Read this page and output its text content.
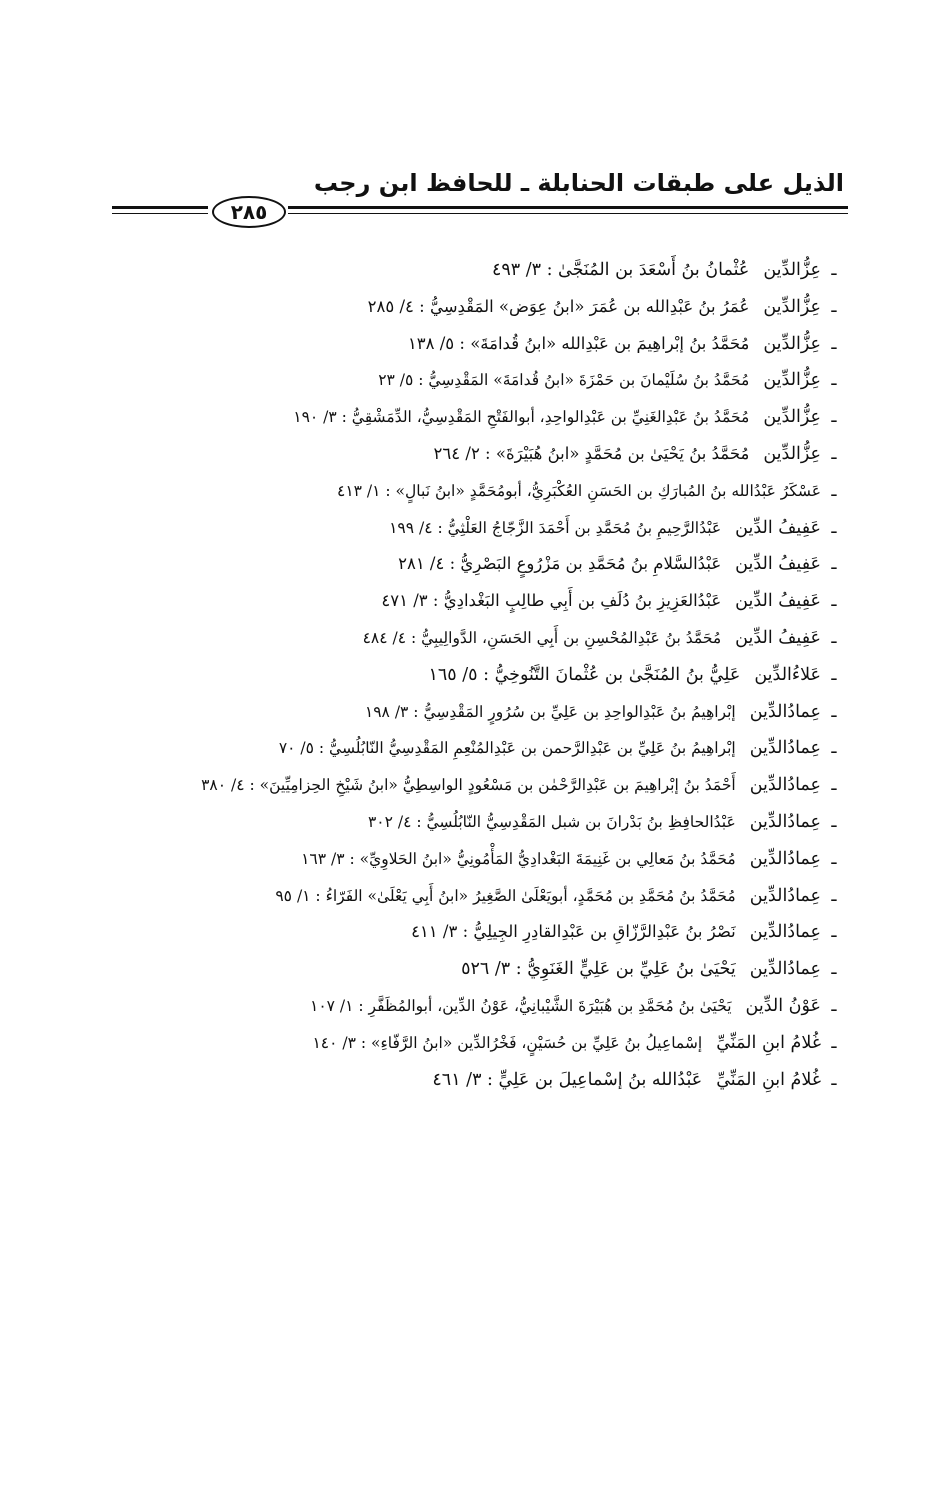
الذيل على طبقات الحنابلة ـ للحافظ ابن رجب
٢٨٥
ـ
عِزُّالدِّين
عُثْمانُ بنُ أَسْعَدَ بن المُنَجَّىٰ : ٣/ ٤٩٣
ـ
عِزُّالدِّين
عُمَرُ بنُ عَبْدِالله بن عُمَرَ «ابنُ عِوَض» المَقْدِسِيُّ : ٤/ ٢٨٥
ـ
عِزُّالدِّين
مُحَمَّدُ بنُ إبْراهِيمَ بن عَبْدِالله «ابنُ قُدامَةَ» : ٥/ ١٣٨
ـ
عِزُّالدِّين
مُحَمَّدُ بنُ سُلَيْمانَ بن حَمْزَةَ «ابنُ قُدامَةَ» المَقْدِسِيُّ : ٥/ ٢٣
ـ
عِزُّالدِّين
مُحَمَّدُ بنُ عَبْدِالغَنِيِّ بن عَبْدِالواحِدِ، أبوالفَتْحِ المَقْدِسِيُّ، الدِّمَشْقِيُّ : ٣/ ١٩٠
ـ
عِزُّالدِّين
مُحَمَّدُ بنُ يَحْيَىٰ بن مُحَمَّدٍ «ابنُ هُبَيْرَةَ» : ٢/ ٢٦٤
ـ
عَسْكَرُ عَبْدُالله بنُ المُبارَكِ بن الحَسَنِ العُكْبَرِيُّ، أبومُحَمَّدٍ «ابنُ نَبالٍ» : ١/ ٤١٣
ـ
عَفِيفُ الدِّين
عَبْدُالرَّحِيمِ بنُ مُحَمَّدِ بن أَحْمَدَ الزَّجّاجُ العَلْثِيُّ : ٤/ ١٩٩
ـ
عَفِيفُ الدِّين
عَبْدُالسَّلامِ بنُ مُحَمَّدِ بن مَزْرُوعٍ البَصْرِيُّ : ٤/ ٢٨١
ـ
عَفِيفُ الدِّين
عَبْدُالعَزِيزِ بنُ دُلَفِ بن أَبِي طالِبٍ البَغْدادِيُّ : ٣/ ٤٧١
ـ
عَفِيفُ الدِّين
مُحَمَّدُ بنُ عَبْدِالمُحْسِنِ بن أَبِي الحَسَنِ، الدَّوالِيبِيُّ : ٤/ ٤٨٤
ـ
عَلاءُالدِّين
عَلِيُّ بنُ المُنَجَّىٰ بن عُثْمانَ التَّنُوخِيُّ : ٥/ ١٦٥
ـ
عِمادُالدِّين
إبْراهِيمُ بنُ عَبْدِالواحِدِ بن عَلِيِّ بن سُرُورٍ المَقْدِسِيُّ : ٣/ ١٩٨
ـ
عِمادُالدِّين
إبْراهِيمُ بنُ عَلِيِّ بن عَبْدِالرَّحمن بن عَبْدِالمُنْعِمِ المَقْدِسِيُّ النّابُلُسِيُّ : ٥/ ٧٠
ـ
عِمادُالدِّين
أَحْمَدُ بنُ إبْراهِيمَ بن عَبْدِالرَّحْمٰن بن مَسْعُودٍ الواسِطِيُّ «ابنُ شَيْخِ الحِزامِيِّينَ» : ٤/ ٣٨٠
ـ
عِمادُالدِّين
عَبْدُالحافِظِ بنُ بَدْرانَ بن شبل المَقْدِسِيُّ النّابُلُسِيُّ : ٤/ ٣٠٢
ـ
عِمادُالدِّين
مُحَمَّدُ بنُ مَعالِي بن غَنِيمَةَ البَغْدادِيُّ المَأْمُونِيُّ «ابنُ الحَلاوِيِّ» : ٣/ ١٦٣
ـ
عِمادُالدِّين
مُحَمَّدُ بنُ مُحَمَّدِ بن مُحَمَّدٍ، أبويَعْلَىٰ الصَّغِيرُ «ابنُ أَبِي يَعْلَىٰ» الفَرّاءُ : ١/ ٩٥
ـ
عِمادُالدِّين
نَصْرُ بنُ عَبْدِالرَّزّاقِ بن عَبْدِالقادِرِ الجِيلِيُّ : ٣/ ٤١١
ـ
عِمادُالدِّين
يَحْيَىٰ بنُ عَلِيِّ بن عَلِيٍّ الغَنَوِيُّ : ٣/ ٥٢٦
ـ
عَوْنُ الدِّين
يَحْيَىٰ بنُ مُحَمَّدِ بن هُبَيْرَةَ الشَّيْبانِيُّ، عَوْنُ الدِّين، أبوالمُظَفَّرِ : ١/ ١٠٧
ـ
غُلامُ ابنِ المَنِّيِّ
إسْماعِيلُ بنُ عَلِيِّ بن حُسَيْنٍ، فَخْرُالدِّين «ابنُ الرَّفّاءِ» : ٣/ ١٤٠
ـ
غُلامُ ابنِ المَنِّيِّ
عَبْدُالله بنُ إسْماعِيلَ بن عَلِيٍّ : ٣/ ٤٦١
